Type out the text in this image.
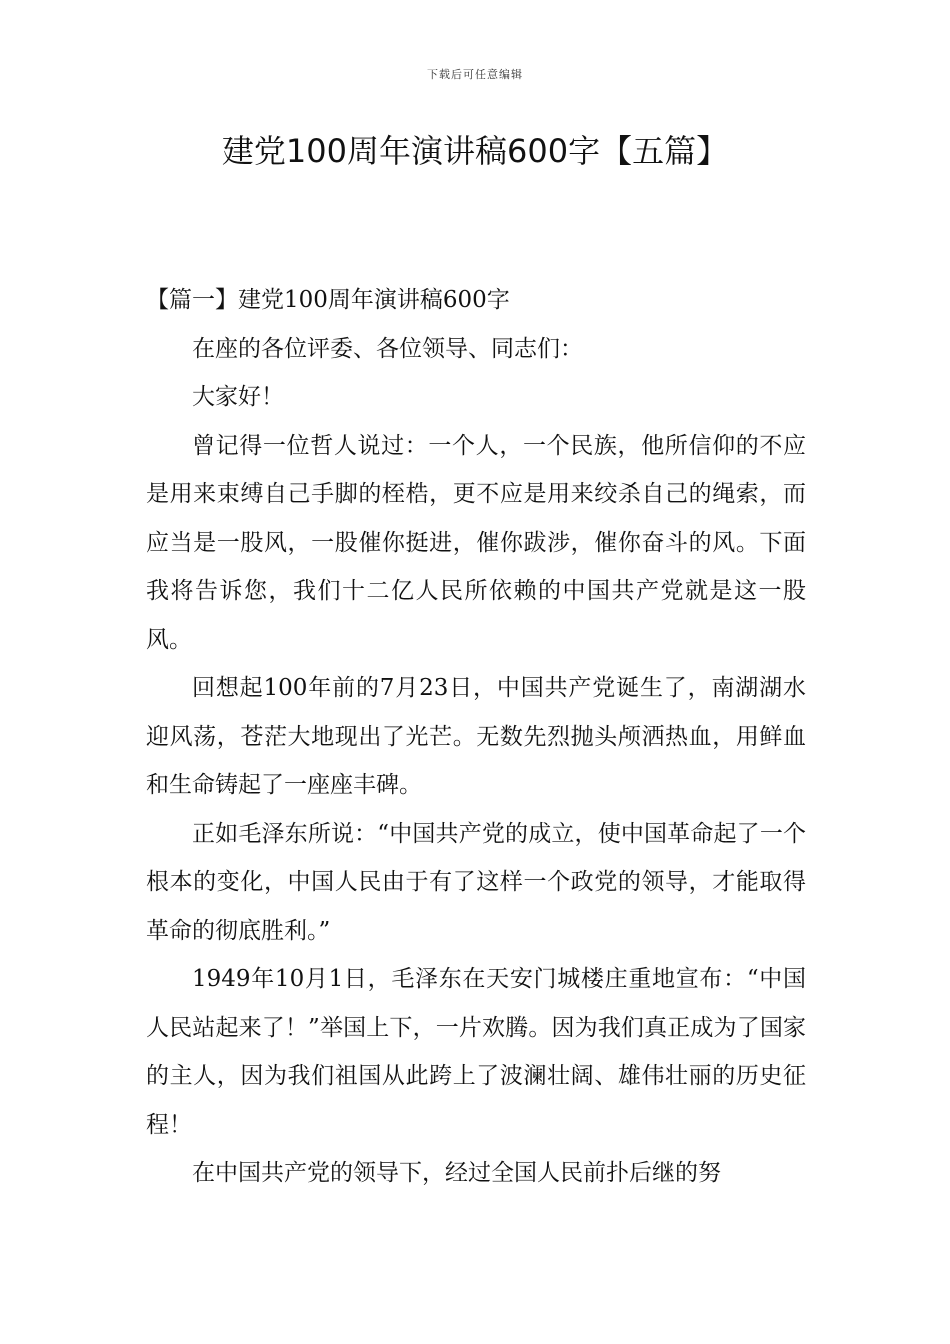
下载后可任意编辑
建党100周年演讲稿600字【五篇】

【篇一】建党100周年演讲稿600字

在座的各位评委、各位领导、同志们：

大家好！

曾记得一位哲人说过：一个人，一个民族，他所信仰的不应是用来束缚自己手脚的桎梏，更不应是用来绞杀自己的绳索，而应当是一股风，一股催你挺进，催你跋涉，催你奋斗的风。下面我将告诉您，我们十二亿人民所依赖的中国共产党就是这一股风。

回想起100年前的7月23日，中国共产党诞生了，南湖湖水迎风荡，苍茫大地现出了光芒。无数先烈抛头颅洒热血，用鲜血和生命铸起了一座座丰碑。

正如毛泽东所说：“中国共产党的成立，使中国革命起了一个根本的变化，中国人民由于有了这样一个政党的领导，才能取得革命的彻底胜利。”

1949年10月1日，毛泽东在天安门城楼庄重地宣布：“中国人民站起来了！”举国上下，一片欢腾。因为我们真正成为了国家的主人，因为我们祖国从此跨上了波澜壮阔、雄伟壮丽的历史征程！

在中国共产党的领导下，经过全国人民前扑后继的努
